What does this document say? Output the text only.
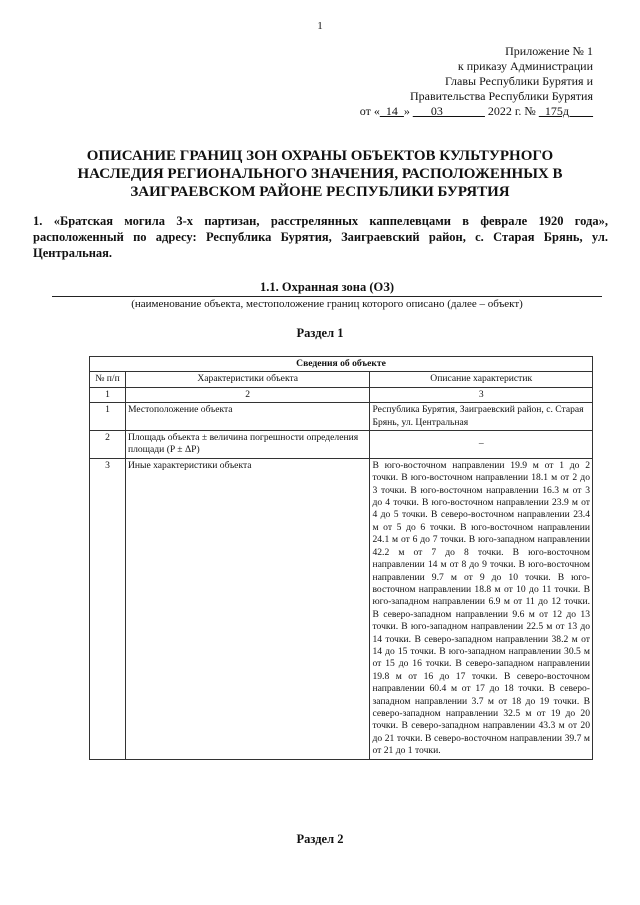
1
Приложение № 1
к приказу Администрации
Главы Республики Бурятия и
Правительства Республики Бурятия
от «_14_» ___03_______ 2022 г. № _175д____
ОПИСАНИЕ ГРАНИЦ ЗОН ОХРАНЫ ОБЪЕКТОВ КУЛЬТУРНОГО НАСЛЕДИЯ РЕГИОНАЛЬНОГО ЗНАЧЕНИЯ, РАСПОЛОЖЕННЫХ В ЗАИГРАЕВСКОМ РАЙОНЕ РЕСПУБЛИКИ БУРЯТИЯ
1. «Братская могила 3-х партизан, расстрелянных каппелевцами в феврале 1920 года», расположенный по адресу: Республика Бурятия, Заиграевский район, с. Старая Брянь, ул. Центральная.
1.1. Охранная зона (ОЗ)
(наименование объекта, местоположение границ которого описано (далее – объект)
Раздел 1
Сведения об объекте		
№ п/п	Характеристики объекта	Описание характеристик
1	2	3
1	Местоположение объекта	Республика Бурятия, Заиграевский район, с. Старая Брянь, ул. Центральная
2	Площадь объекта ± величина погрешности определения площади (P ± ΔP)	–
3	Иные характеристики объекта	В юго-восточном направлении 19.9 м от 1 до 2 точки. В юго-восточном направлении 18.1 м от 2 до 3 точки. В юго-восточном направлении 16.3 м от 3 до 4 точки. В юго-восточном направлении 23.9 м от 4 до 5 точки. В северо-восточном направлении 23.4 м от 5 до 6 точки. В юго-восточном направлении 24.1 м от 6 до 7 точки. В юго-западном направлении 42.2 м от 7 до 8 точки. В юго-восточном направлении 14 м от 8 до 9 точки. В юго-восточном направлении 9.7 м от 9 до 10 точки. В юго-восточном направлении 18.8 м от 10 до 11 точки. В юго-западном направлении 6.9 м от 11 до 12 точки. В северо-западном направлении 9.6 м от 12 до 13 точки. В юго-западном направлении 22.5 м от 13 до 14 точки. В северо-западном направлении 38.2 м от 14 до 15 точки. В юго-западном направлении 30.5 м от 15 до 16 точки. В северо-западном направлении 19.8 м от 16 до 17 точки. В северо-восточном направлении 60.4 м от 17 до 18 точки. В северо-западном направлении 3.7 м от 18 до 19 точки. В северо-западном направлении 32.5 м от 19 до 20 точки. В северо-западном направлении 43.3 м от 20 до 21 точки. В северо-восточном направлении 39.7 м от 21 до 1 точки.
Раздел 2
